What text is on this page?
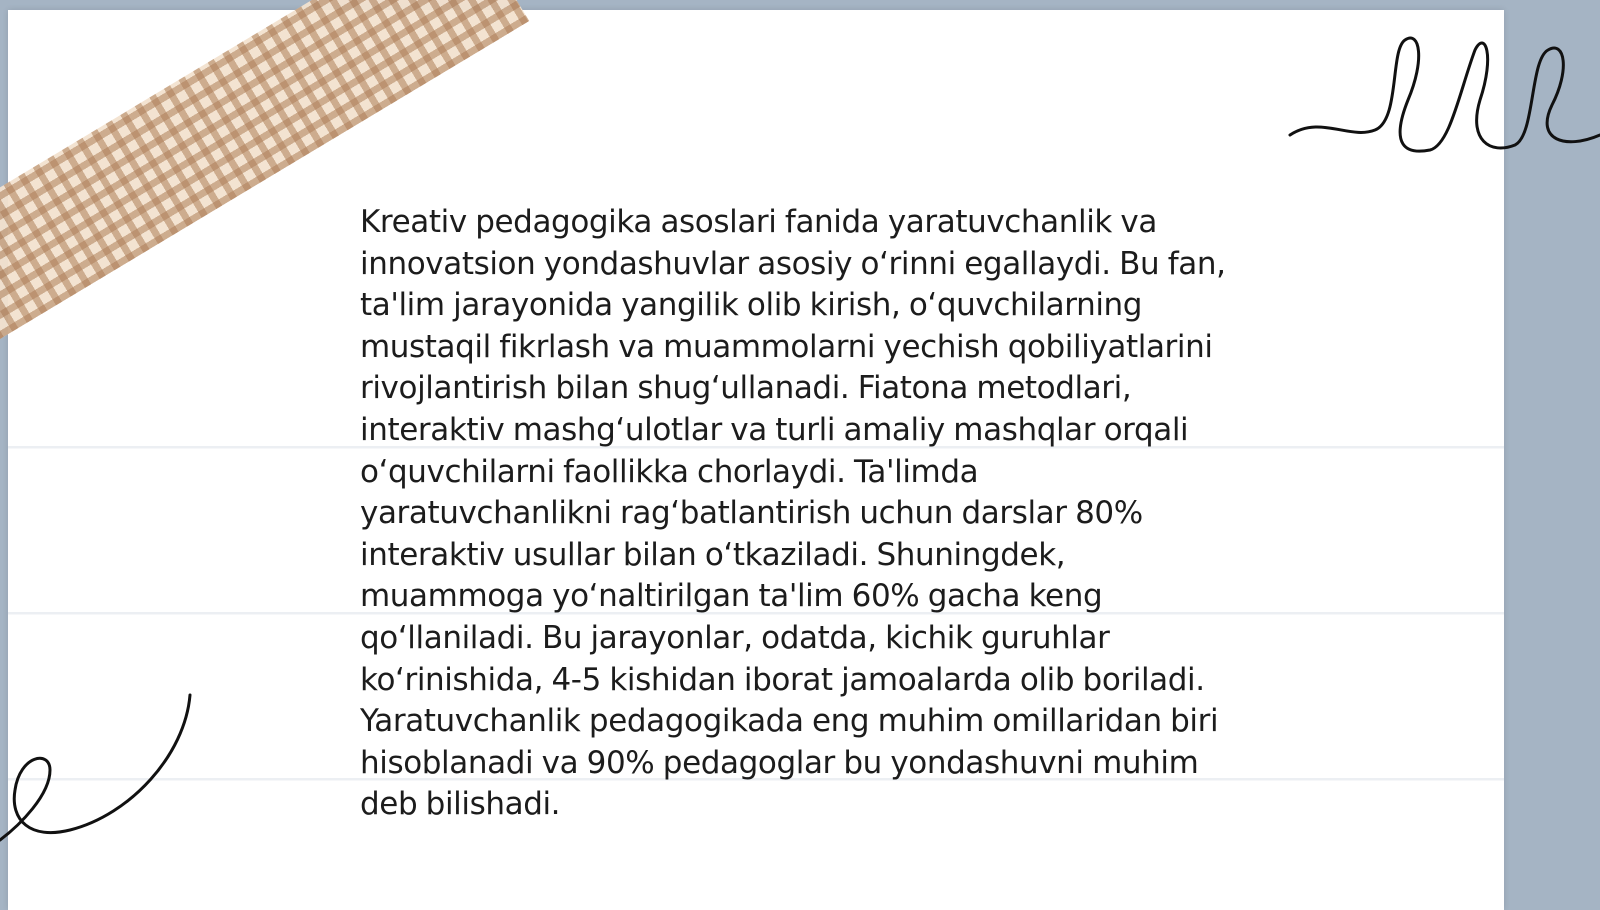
Kreativ pedagogika asoslari fanida yaratuvchanlik va innovatsion yondashuvlar asosiy o‘rinni egallaydi. Bu fan, ta'lim jarayonida yangilik olib kirish, o‘quvchilarning mustaqil fikrlash va muammolarni yechish qobiliyatlarini rivojlantirish bilan shug‘ullanadi. Fiatona metodlari, interaktiv mashg‘ulotlar va turli amaliy mashqlar orqali o‘quvchilarni faollikka chorlaydi. Ta'limda yaratuvchanlikni rag‘batlantirish uchun darslar 80% interaktiv usullar bilan o‘tkaziladi. Shuningdek, muammoga yo‘naltirilgan ta'lim 60% gacha keng qo‘llaniladi. Bu jarayonlar, odatda, kichik guruhlar ko‘rinishida, 4-5 kishidan iborat jamoalarda olib boriladi. Yaratuvchanlik pedagogikada eng muhim omillaridan biri hisoblanadi va 90% pedagoglar bu yondashuvni muhim deb bilishadi.
